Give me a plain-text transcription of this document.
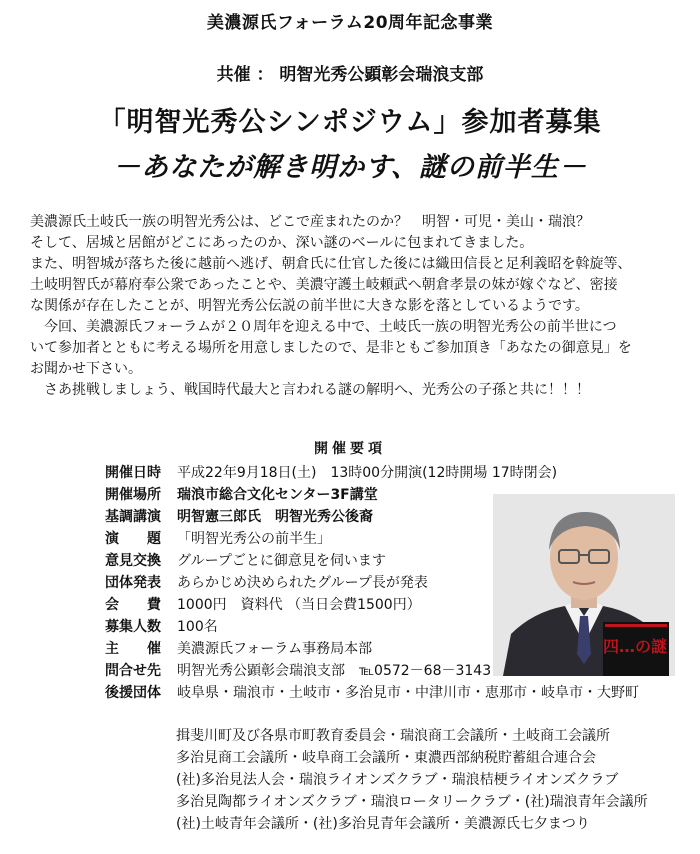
美濃源氏フォーラム20周年記念事業
共催 ： 明智光秀公顕彰会瑞浪支部
「明智光秀公シンポジウム」参加者募集
－あなたが解き明かす、謎の前半生－

美濃源氏土岐氏一族の明智光秀公は、どこで産まれたのか？　明智・可児・美山・瑞浪？

そして、居城と居館がどこにあったのか、深い謎のベールに包まれてきました。

また、明智城が落ちた後に越前へ逃げ、朝倉氏に仕官した後には織田信長と足利義昭を斡旋等、

土岐明智氏が幕府奉公衆であったことや、美濃守護土岐頼武へ朝倉孝景の妹が嫁ぐなど、密接

な関係が存在したことが、明智光秀公伝説の前半世に大きな影を落としているようです。

　今回、美濃源氏フォーラムが２０周年を迎える中で、土岐氏一族の明智光秀公の前半世につ

いて参加者とともに考える場所を用意しましたので、是非ともご参加頂き「あなたの御意見」を

お聞かせ下さい。

　さあ挑戦しましょう、戦国時代最大と言われる謎の解明へ、光秀公の子孫と共に！！！

開催要項
開催日時	平成22年9月18日(土)　13時00分開演(12時開場 17時閉会)
開催場所	瑞浪市総合文化センター3F講堂
基調講演	明智憲三郎氏　明智光秀公後裔
演　　題	「明智光秀公の前半生」
意見交換	グループごとに御意見を伺います
団体発表	あらかじめ決められたグループ長が発表
会　　費	1000円　資料代 （当日会費1500円）
募集人数	100名
主　　催	美濃源氏フォーラム事務局本部
問合せ先	明智光秀公顕彰会瑞浪支部　℡0572－68－3143
後援団体	岐阜県・瑞浪市・土岐市・多治見市・中津川市・恵那市・岐阜市・大野町
揖斐川町及び各県市町教育委員会・瑞浪商工会議所・土岐商工会議所
多治見商工会議所・岐阜商工会議所・東濃西部納税貯蓄組合連合会
(社)多治見法人会・瑞浪ライオンズクラブ・瑞浪桔梗ライオンズクラブ
多治見陶都ライオンズクラブ・瑞浪ロータリークラブ・(社)瑞浪青年会議所
(社)土岐青年会議所・(社)多治見青年会議所・美濃源氏七夕まつり
四…の謎
